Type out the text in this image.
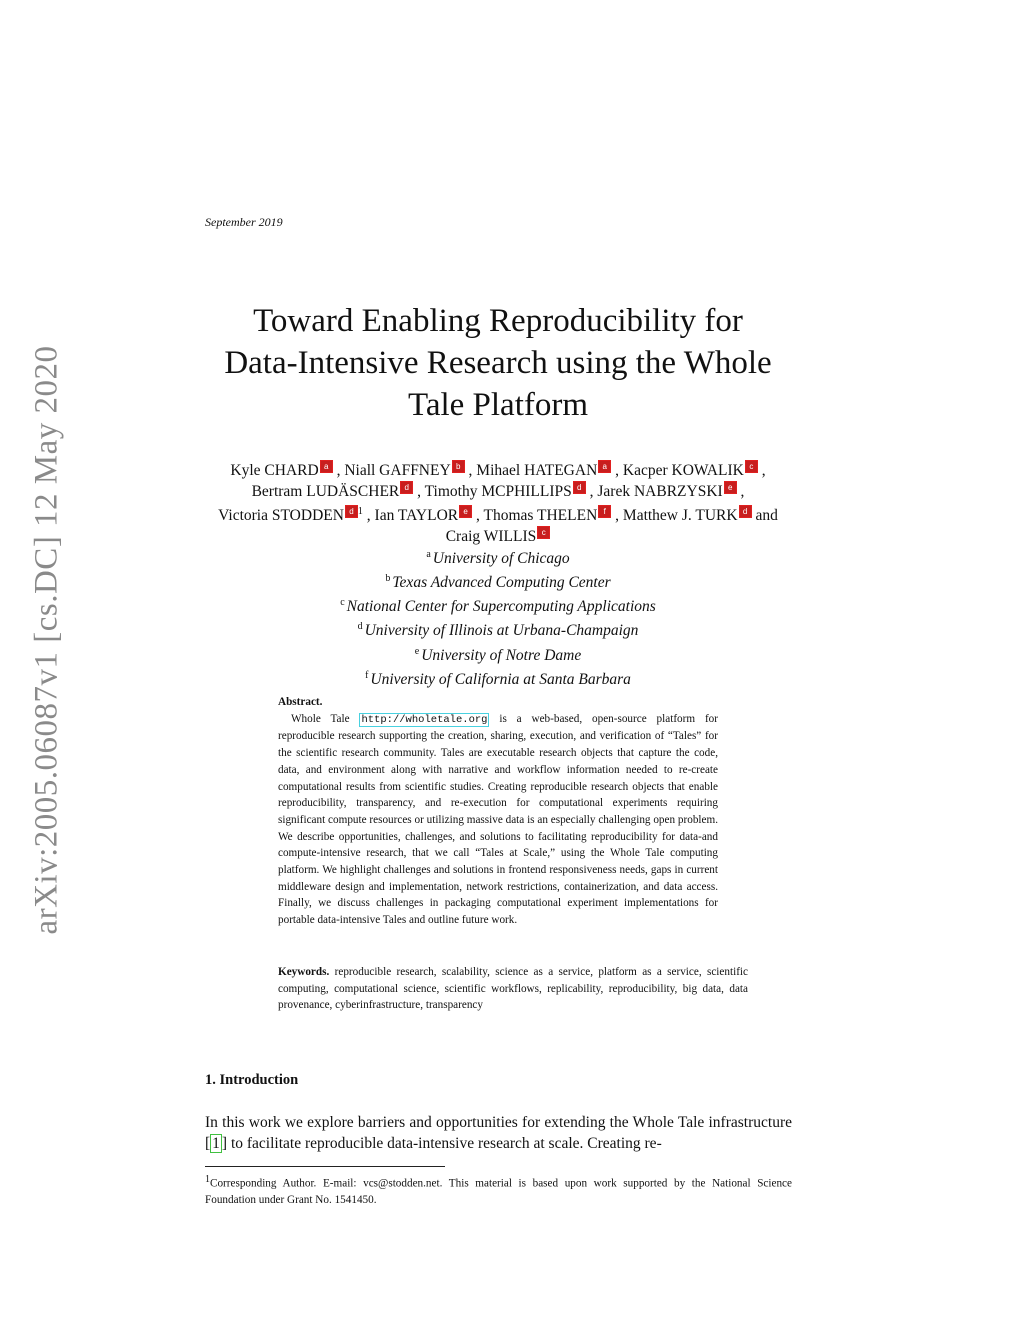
arXiv:2005.06087v1 [cs.DC] 12 May 2020
September 2019
Toward Enabling Reproducibility for
Data-Intensive Research using the Whole
Tale Platform
Kyle CHARD a , Niall GAFFNEY b , Mihael HATEGAN a , Kacper KOWALIK c ,
Bertram LUDÄSCHER d , Timothy MCPHILLIPS d , Jarek NABRZYSKI e ,
Victoria STODDEN d $^1$ , Ian TAYLOR e , Thomas THELEN f , Matthew J. TURK d and
Craig WILLIS c
$^a$ University of Chicago
$^b$ Texas Advanced Computing Center
$^c$ National Center for Supercomputing Applications
$^d$ University of Illinois at Urbana-Champaign
$^e$ University of Notre Dame
$^f$ University of California at Santa Barbara
Abstract.
Whole Tale http://wholetale.org is a web-based, open-source platform for reproducible research supporting the creation, sharing, execution, and verification of “Tales” for the scientific research community. Tales are executable research objects that capture the code, data, and environment along with narrative and workflow information needed to re-create computational results from scientific studies. Creating reproducible research objects that enable reproducibility, transparency, and re-execution for computational experiments requiring significant compute resources or utilizing massive data is an especially challenging open problem. We describe opportunities, challenges, and solutions to facilitating reproducibility for data-and compute-intensive research, that we call “Tales at Scale,” using the Whole Tale computing platform. We highlight challenges and solutions in frontend responsiveness needs, gaps in current middleware design and implementation, network restrictions, containerization, and data access. Finally, we discuss challenges in packaging computational experiment implementations for portable data-intensive Tales and outline future work.
Keywords. reproducible research, scalability, science as a service, platform as a service, scientific computing, computational science, scientific workflows, replicability, reproducibility, big data, data provenance, cyberinfrastructure, transparency
1. Introduction
In this work we explore barriers and opportunities for extending the Whole Tale infrastructure [ 1 ] to facilitate reproducible data-intensive research at scale. Creating re-
1Corresponding Author. E-mail: vcs@stodden.net. This material is based upon work supported by the National Science Foundation under Grant No. 1541450.
